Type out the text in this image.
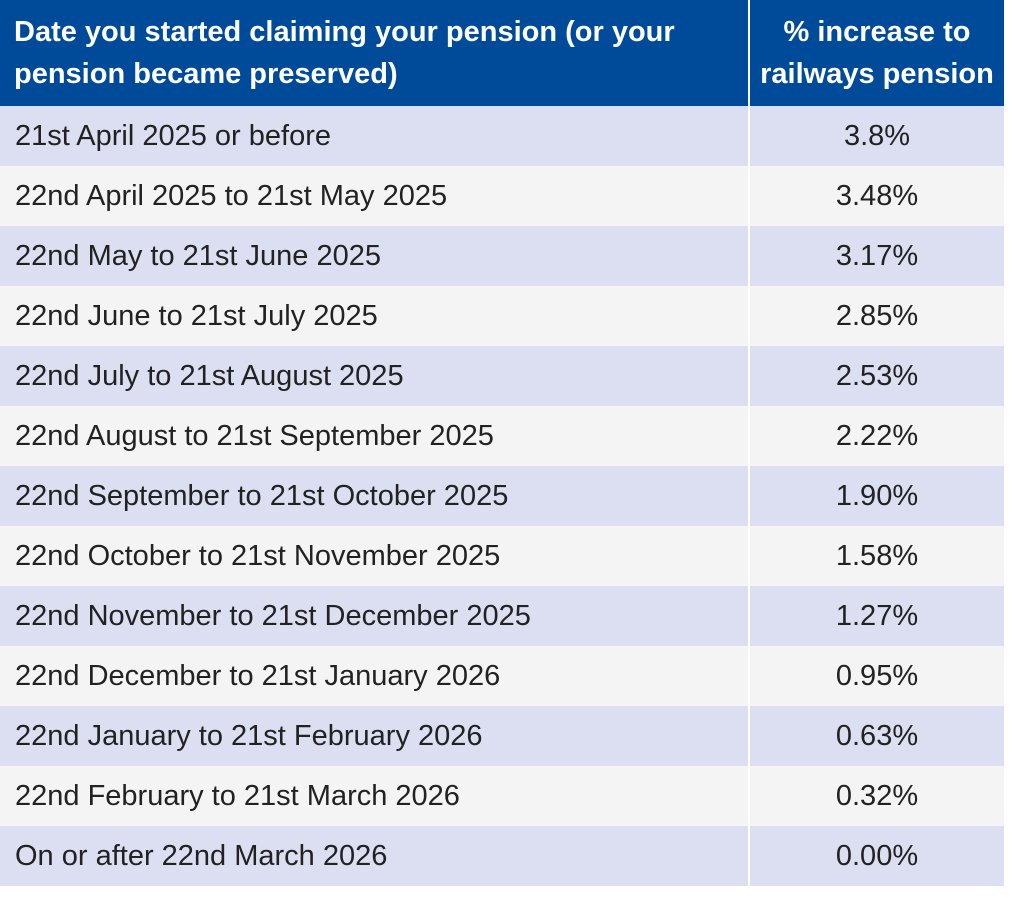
Date you started claiming your pension (or your
pension became preserved)	% increase to
railways pension
21st April 2025 or before	3.8%
22nd April 2025 to 21st May 2025	3.48%
22nd May to 21st June 2025	3.17%
22nd June to 21st July 2025	2.85%
22nd July to 21st August 2025	2.53%
22nd August to 21st September 2025	2.22%
22nd September to 21st October 2025	1.90%
22nd October to 21st November 2025	1.58%
22nd November to 21st December 2025	1.27%
22nd December to 21st January 2026	0.95%
22nd January to 21st February 2026	0.63%
22nd February to 21st March 2026	0.32%
On or after 22nd March 2026	0.00%
